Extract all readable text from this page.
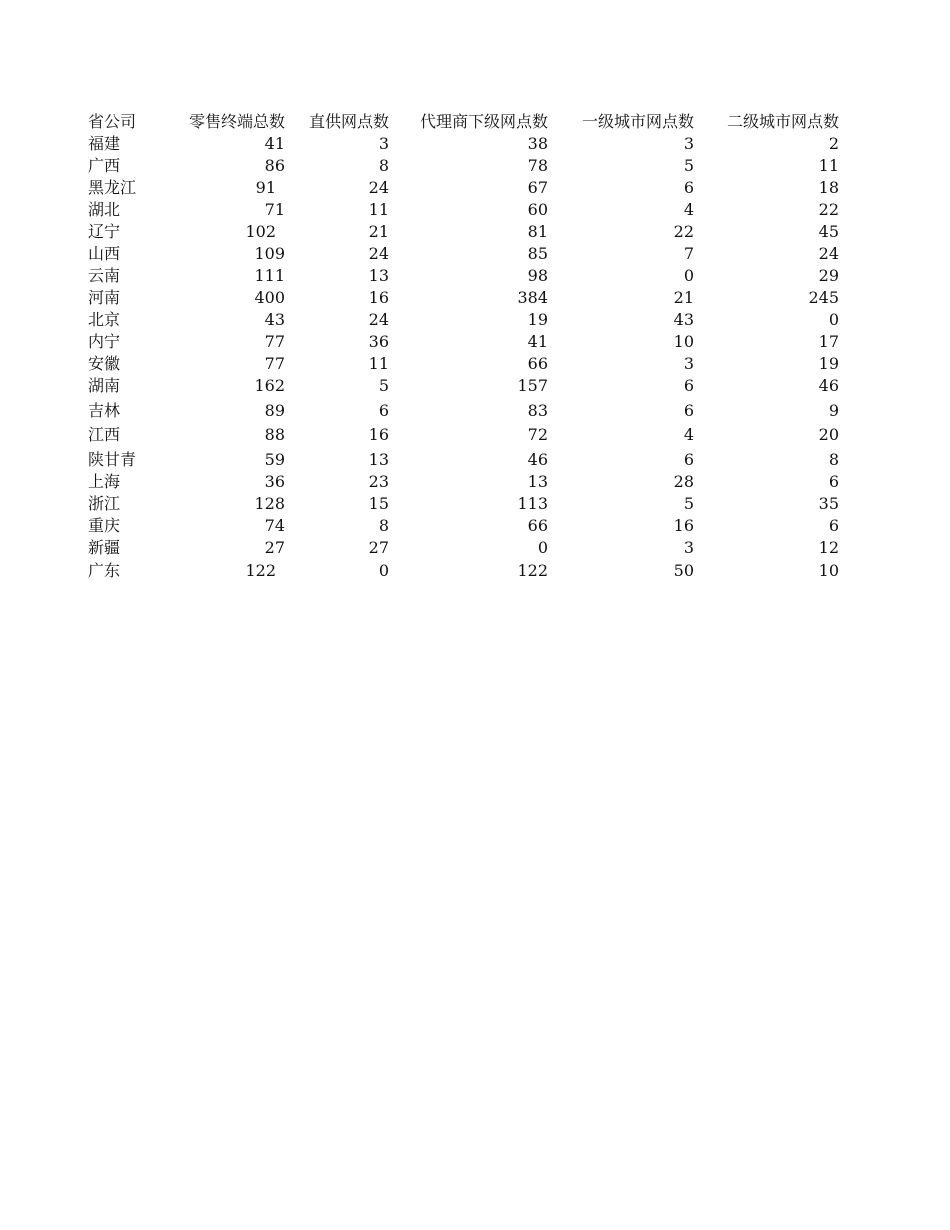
省公司	零售终端总数	直供网点数	代理商下级网点数	一级城市网点数	二级城市网点数
福建	41	3	38	3	2
广西	86	8	78	5	11
黑龙江	91	24	67	6	18
湖北	71	11	60	4	22
辽宁	102	21	81	22	45
山西	109	24	85	7	24
云南	111	13	98	0	29
河南	400	16	384	21	245
北京	43	24	19	43	0
内宁	77	36	41	10	17
安徽	77	11	66	3	19
湖南	162	5	157	6	46
吉林	89	6	83	6	9
江西	88	16	72	4	20
陕甘青	59	13	46	6	8
上海	36	23	13	28	6
浙江	128	15	113	5	35
重庆	74	8	66	16	6
新疆	27	27	0	3	12
广东	122	0	122	50	10
